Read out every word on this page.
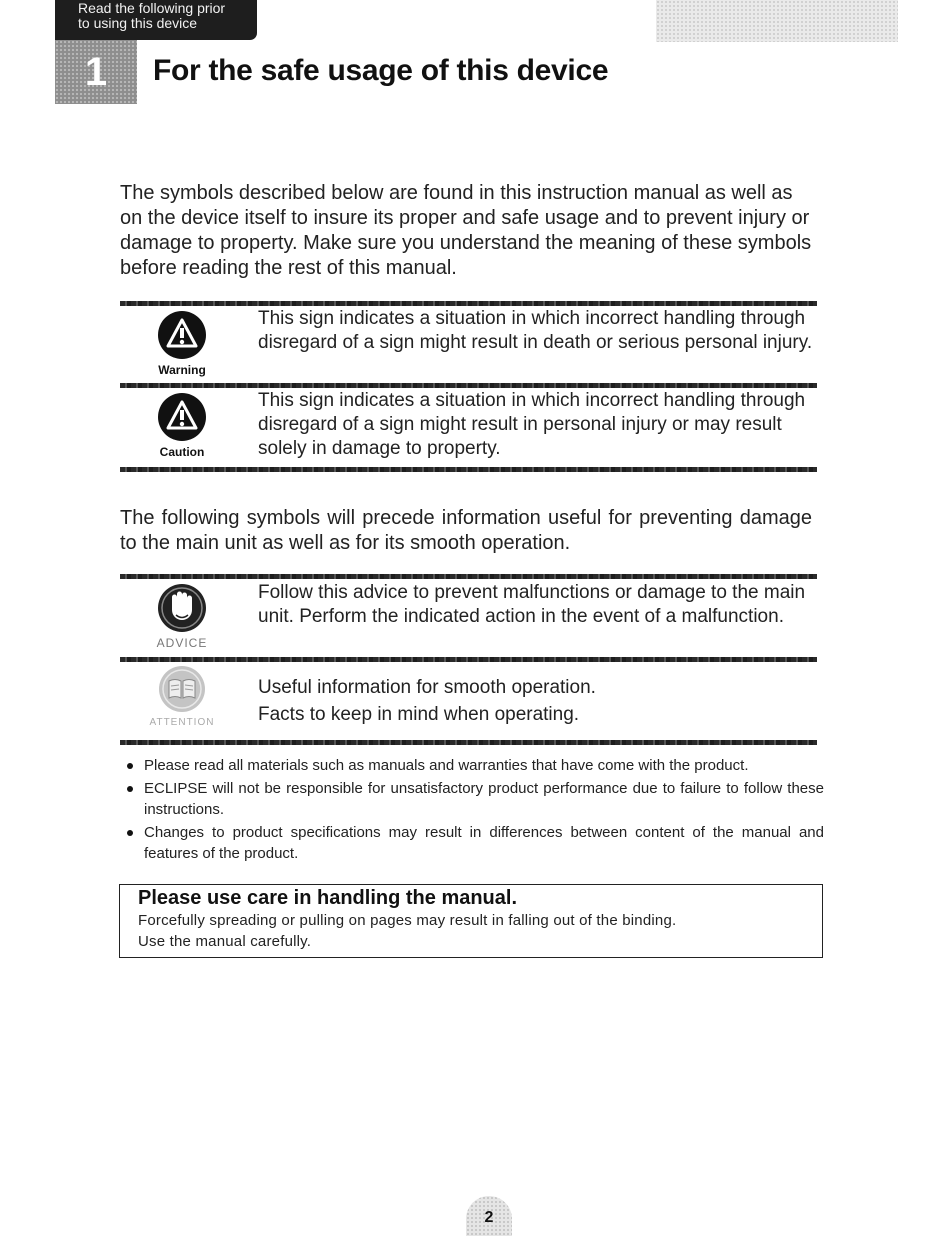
Read the following prior
to using this device
1 For the safe usage of this device

The symbols described below are found in this instruction manual as well as on the device itself to insure its proper and safe usage and to prevent injury or damage to property. Make sure you understand the meaning of these symbols before reading the rest of this manual.

Warning

This sign indicates a situation in which incorrect handling through disregard of a sign might result in death or serious personal injury.

Caution

This sign indicates a situation in which incorrect handling through disregard of a sign might result in personal injury or may result solely in damage to property.

The following symbols will precede information useful for preventing damage to the main unit as well as for its smooth operation.

ADVICE

Follow this advice to prevent malfunctions or damage to the main unit. Perform the indicated action in the event of a malfunction.

ATTENTION

Useful information for smooth operation.
Facts to keep in mind when operating.

Please read all materials such as manuals and warranties that have come with the product.
ECLIPSE will not be responsible for unsatisfactory product performance due to failure to follow these instructions.
Changes to product specifications may result in differences between content of the manual and features of the product.
Please use care in handling the manual.
Forcefully spreading or pulling on pages may result in falling out of the binding.
Use the manual carefully.
2
